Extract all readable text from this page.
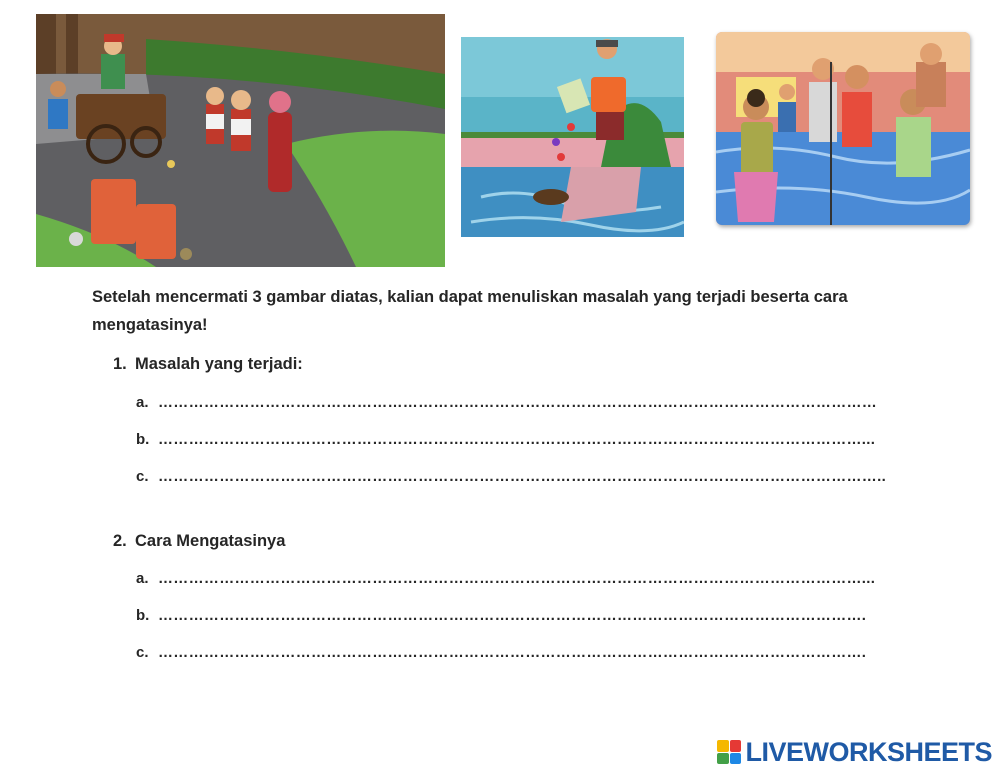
Setelah mencermati 3 gambar diatas, kalian dapat menuliskan masalah yang terjadi beserta cara mengatasinya!
1. Masalah yang terjadi:
a. ……………………………………………………………………………………………………………………………
b. …………………………………………………………………………………………………………………………...
c. ……………………………………………………………………………………………………………………………..
2. Cara Mengatasinya
a. …………………………………………………………………………………………………………………………...
b. ………………………………………………………………………………………………………………………….
c. ………………………………………………………………………………………………………………………….
LIVEWORKSHEETS
